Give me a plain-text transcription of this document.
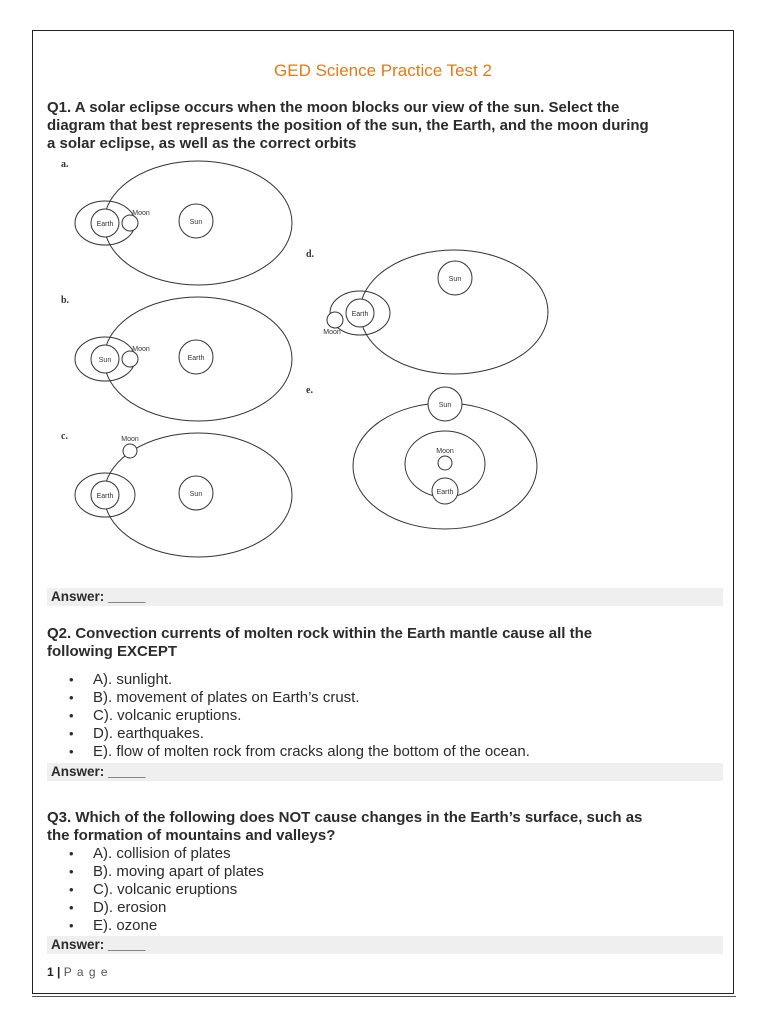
GED Science Practice Test 2
Q1. A solar eclipse occurs when the moon blocks our view of the sun. Select the
diagram that best represents the position of the sun, the Earth, and the moon during
a solar eclipse, as well as the correct orbits
a.
Earth
Moon
Sun
b.
Sun
Moon
Earth
c.
Earth
Moon
Sun
d.
Earth
Moon
Sun
e.
Sun
Moon
Earth
Answer: _____
Q2. Convection currents of molten rock within the Earth mantle cause all the
following EXCEPT
• A). sunlight.
• B). movement of plates on Earth’s crust.
• C). volcanic eruptions.
• D). earthquakes.
• E). flow of molten rock from cracks along the bottom of the ocean.
Answer: _____
Q3. Which of the following does NOT cause changes in the Earth’s surface, such as
the formation of mountains and valleys?
• A). collision of plates
• B). moving apart of plates
• C). volcanic eruptions
• D). erosion
• E). ozone
Answer: _____
1 | P a g e
